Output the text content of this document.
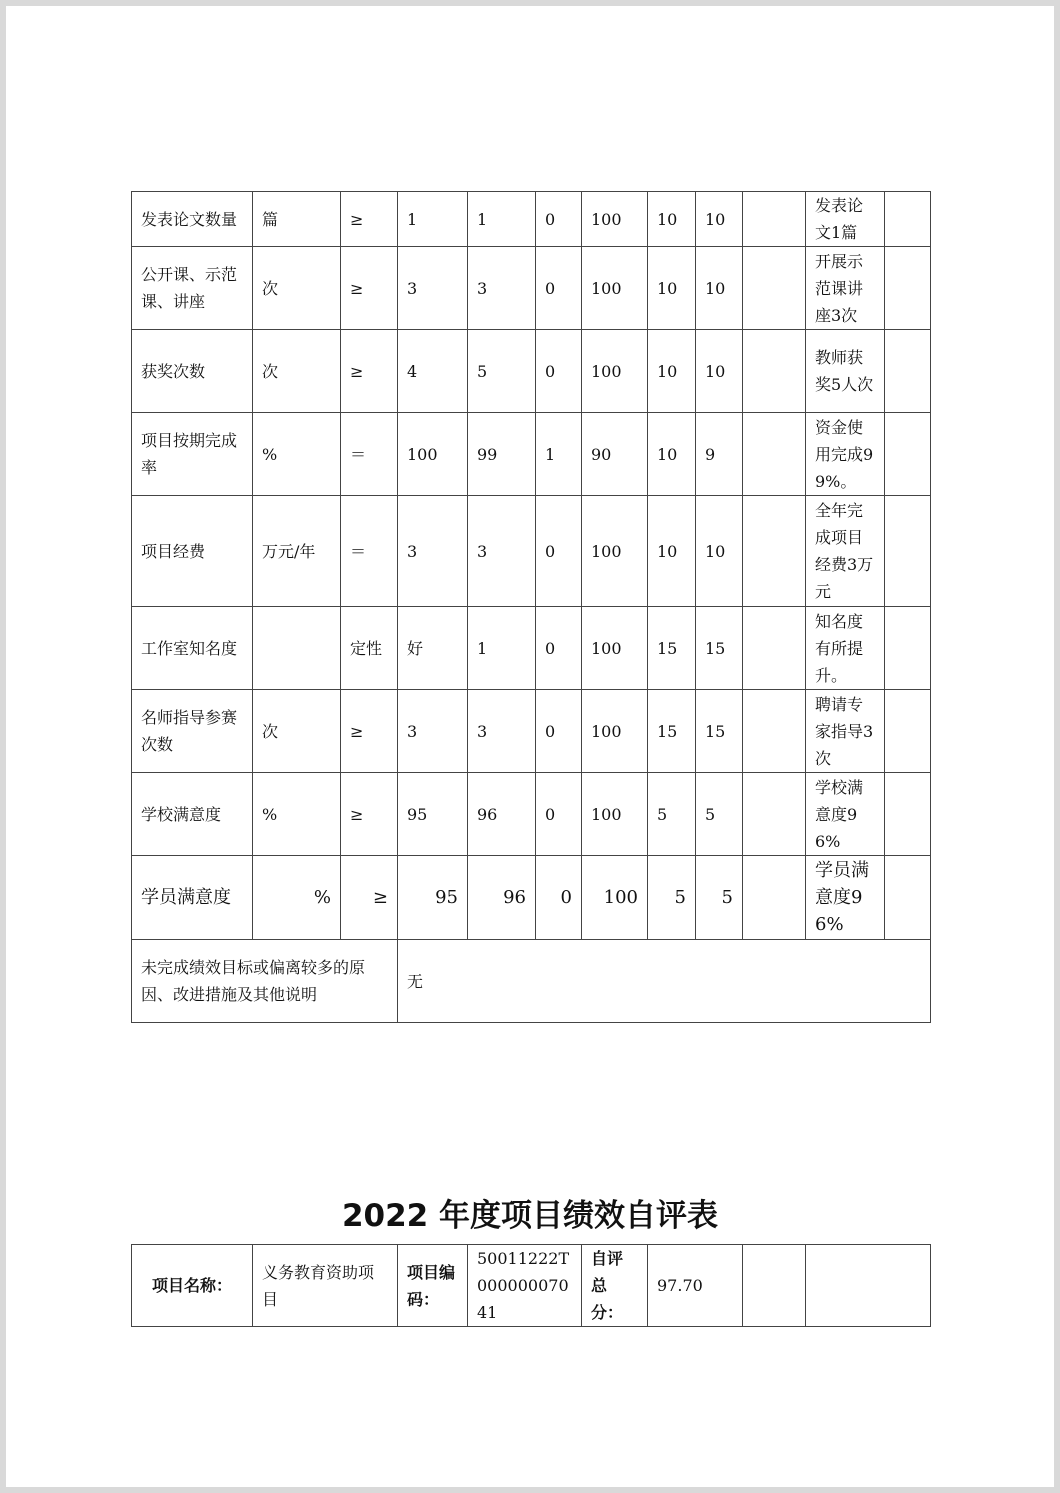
发表论文数量	篇	≥	1	1	0	100	10	10		发表论文1篇	
公开课、示范课、讲座	次	≥	3	3	0	100	10	10		开展示范课讲座3次	
获奖次数	次	≥	4	5	0	100	10	10		教师获奖5人次	
项目按期完成率	%	＝	100	99	1	90	10	9		资金使用完成99%。	
项目经费	万元/年	＝	3	3	0	100	10	10		全年完成项目经费3万元	
工作室知名度		定性	好	1	0	100	15	15		知名度有所提升。	
名师指导参赛次数	次	≥	3	3	0	100	15	15		聘请专家指导3次	
学校满意度	%	≥	95	96	0	100	5	5		学校满意度96%	
学员满意度	%	≥	95	96	0	100	5	5		学员满意度96%	
未完成绩效目标或偏离较多的原因、改进措施及其他说明			无								
2022 年度项目绩效自评表
项目名称：	义务教育资助项目	项目编码：	50011222T00000007041	自评总分：	97.70		
